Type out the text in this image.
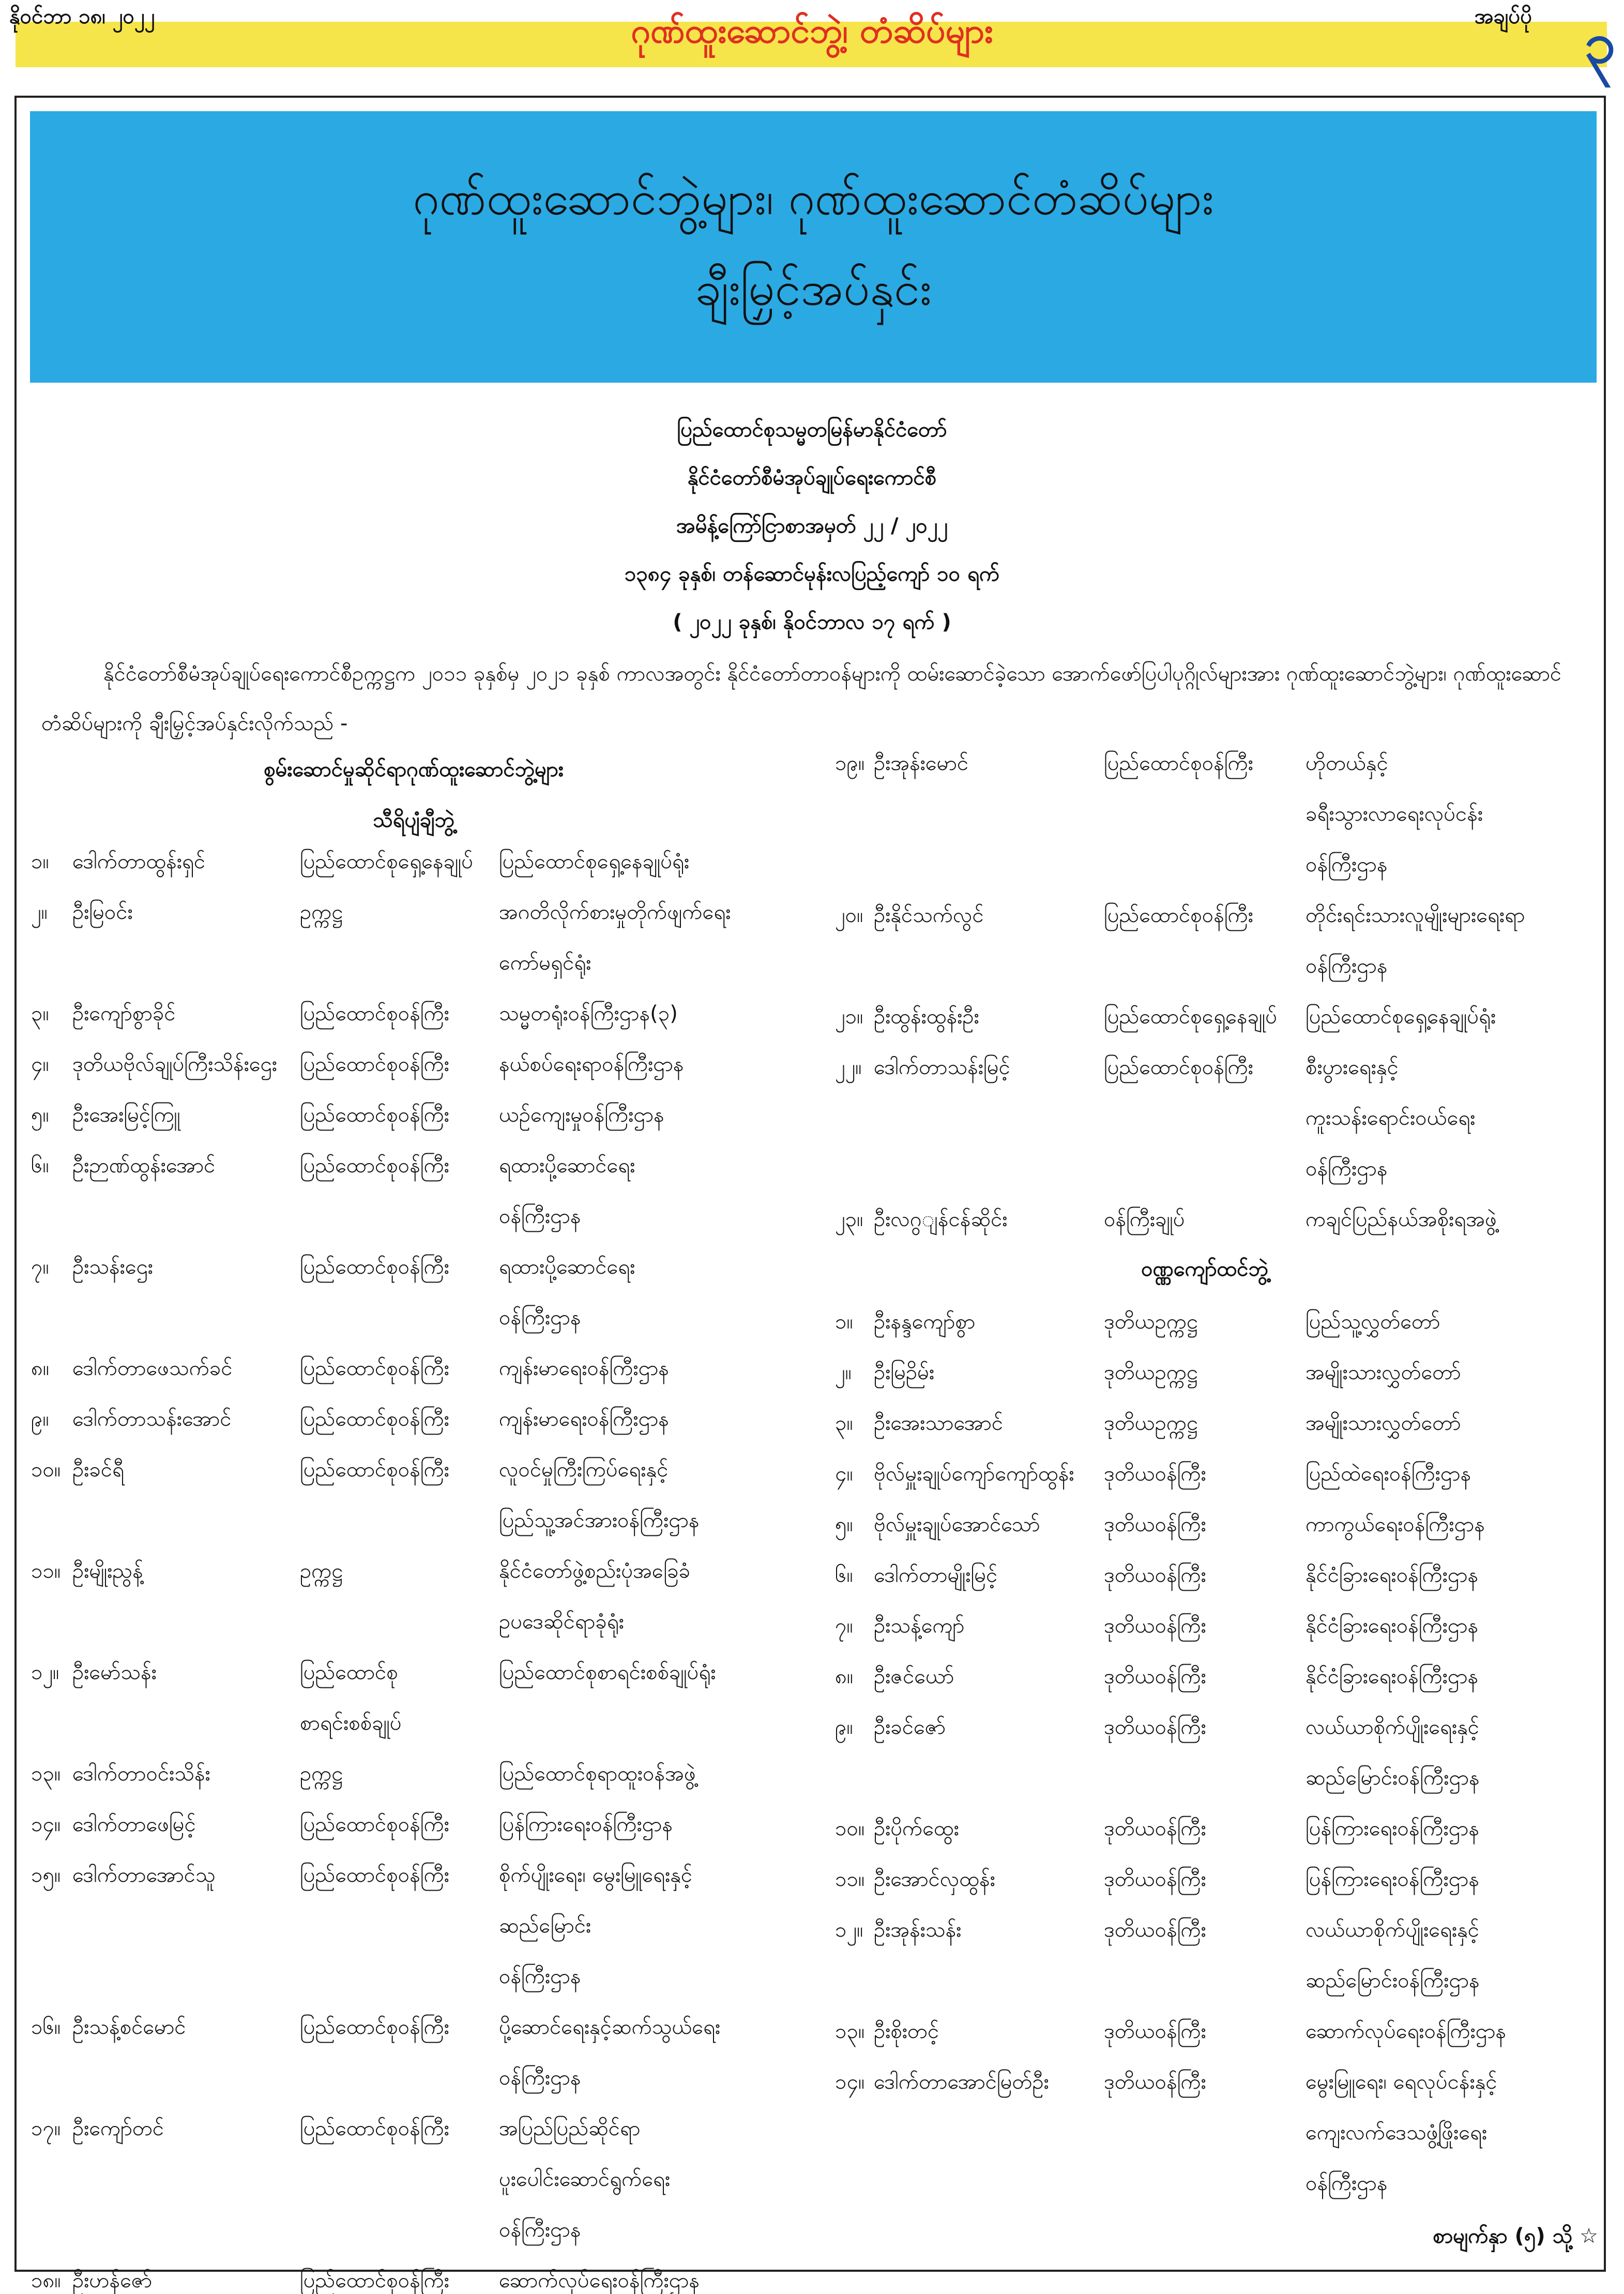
နိုဝင်ဘာ ၁၈၊ ၂၀၂၂	ဂုဏ်ထူးဆောင်ဘွဲ့၊ တံဆိပ်များ	အချပ်ပို ၃
ဂုဏ်ထူးဆောင်ဘွဲ့များ၊ ဂုဏ်ထူးဆောင်တံဆိပ်များ
ချီးမြှင့်အပ်နှင်း
ပြည်ထောင်စုသမ္မတမြန်မာနိုင်ငံတော်
နိုင်ငံတော်စီမံအုပ်ချုပ်ရေးကောင်စီ
အမိန့်ကြော်ငြာစာအမှတ် ၂၂ / ၂၀၂၂
၁၃၈၄ ခုနှစ်၊ တန်ဆောင်မုန်းလပြည့်ကျော် ၁၀ ရက်
( ၂၀၂၂ ခုနှစ်၊ နိုဝင်ဘာလ ၁၇ ရက် )
နိုင်ငံတော်စီမံအုပ်ချုပ်ရေးကောင်စီဥက္ကဋ္ဌက ၂၀၁၁ ခုနှစ်မှ ၂၀၂၁ ခုနှစ် ကာလအတွင်း နိုင်ငံတော်တာဝန်များကို ထမ်းဆောင်ခဲ့သော အောက်ဖော်ပြပါပုဂ္ဂိုလ်များအား ဂုဏ်ထူးဆောင်ဘွဲ့များ၊ ဂုဏ်ထူးဆောင်တံဆိပ်များကို ချီးမြှင့်အပ်နှင်းလိုက်သည် -
စွမ်းဆောင်မှုဆိုင်ရာဂုဏ်ထူးဆောင်ဘွဲ့များ
သီရိပျံချီဘွဲ့
၁။ ဒေါက်တာထွန်းရှင်	ပြည်ထောင်စုရှေ့နေချုပ် ပြည်ထောင်စုရှေ့နေချုပ်ရုံး
၂။ ဦးမြဝင်း	ဥက္ကဋ္ဌ	အဂတိလိုက်စားမှုတိုက်ဖျက်ရေး
ကော်မရှင်ရုံး
၃။ ဦးကျော်စွာခိုင်	ပြည်ထောင်စုဝန်ကြီး သမ္မတရုံးဝန်ကြီးဌာန(၃)
၄။ ဒုတိယဗိုလ်ချုပ်ကြီးသိန်းဌေး ပြည်ထောင်စုဝန်ကြီး နယ်စပ်ရေးရာဝန်ကြီးဌာန
၅။ ဦးအေးမြင့်ကြူ	ပြည်ထောင်စုဝန်ကြီး ယဉ်ကျေးမှုဝန်ကြီးဌာန
၆။ ဦးဉာဏ်ထွန်းအောင်	ပြည်ထောင်စုဝန်ကြီး ရထားပို့ဆောင်ရေး
ဝန်ကြီးဌာန
၇။ ဦးသန်းဌေး	ပြည်ထောင်စုဝန်ကြီး ရထားပို့ဆောင်ရေး
ဝန်ကြီးဌာန
၈။ ဒေါက်တာဖေသက်ခင်	ပြည်ထောင်စုဝန်ကြီး ကျန်းမာရေးဝန်ကြီးဌာန
၉။ ဒေါက်တာသန်းအောင်	ပြည်ထောင်စုဝန်ကြီး ကျန်းမာရေးဝန်ကြီးဌာန
၁၀။ ဦးခင်ရီ	ပြည်ထောင်စုဝန်ကြီး လူဝင်မှုကြီးကြပ်ရေးနှင့်
ပြည်သူ့အင်အားဝန်ကြီးဌာန
၁၁။ ဦးမျိုးညွန့်	ဥက္ကဋ္ဌ	နိုင်ငံတော်ဖွဲ့စည်းပုံအခြေခံ
ဥပဒေဆိုင်ရာခုံရုံး
၁၂။ ဦးမော်သန်း	ပြည်ထောင်စု
စာရင်းစစ်ချုပ်
ပြည်ထောင်စုစာရင်းစစ်ချုပ်ရုံး
၁၃။ ဒေါက်တာဝင်းသိန်း	ဥက္ကဋ္ဌ	ပြည်ထောင်စုရာထူးဝန်အဖွဲ့
၁၄။ ဒေါက်တာဖေမြင့်	ပြည်ထောင်စုဝန်ကြီး ပြန်ကြားရေးဝန်ကြီးဌာန
၁၅။ ဒေါက်တာအောင်သူ	ပြည်ထောင်စုဝန်ကြီး စိုက်ပျိုးရေး၊ မွေးမြူရေးနှင့်
ဆည်မြောင်း
ဝန်ကြီးဌာန
၁၆။ ဦးသန့်စင်မောင်	ပြည်ထောင်စုဝန်ကြီး ပို့ဆောင်ရေးနှင့်ဆက်သွယ်ရေး
ဝန်ကြီးဌာန
၁၇။ ဦးကျော်တင်	ပြည်ထောင်စုဝန်ကြီး အပြည်ပြည်ဆိုင်ရာ
ပူးပေါင်းဆောင်ရွက်ရေး
ဝန်ကြီးဌာန
၁၈။ ဦးဟန်ဇော်	ပြည်ထောင်စုဝန်ကြီး ဆောက်လုပ်ရေးဝန်ကြီးဌာန
၁၉။ ဦးအုန်းမောင်	ပြည်ထောင်စုဝန်ကြီး	ဟိုတယ်နှင့်
ခရီးသွားလာရေးလုပ်ငန်း
ဝန်ကြီးဌာန
၂၀။ ဦးနိုင်သက်လွင်	ပြည်ထောင်စုဝန်ကြီး	တိုင်းရင်းသားလူမျိုးများရေးရာ
ဝန်ကြီးဌာန
၂၁။ ဦးထွန်းထွန်းဦး	ပြည်ထောင်စုရှေ့နေချုပ် ပြည်ထောင်စုရှေ့နေချုပ်ရုံး
၂၂။ ဒေါက်တာသန်းမြင့်	ပြည်ထောင်စုဝန်ကြီး	စီးပွားရေးနှင့်
ကူးသန်းရောင်းဝယ်ရေး
ဝန်ကြီးဌာန
၂၃။ ဦးလဂွျန်ငန်ဆိုင်း	ဝန်ကြီးချုပ်	ကချင်ပြည်နယ်အစိုးရအဖွဲ့
၁။ ဦးနန္ဒကျော်စွာ	ဒုတိယဥက္ကဋ္ဌ	ပြည်သူ့လွှတ်တော်
၂။ ဦးမြဉိမ်း	ဒုတိယဥက္ကဋ္ဌ	အမျိုးသားလွှတ်တော်
၃။ ဦးအေးသာအောင်	ဒုတိယဥက္ကဋ္ဌ	အမျိုးသားလွှတ်တော်
၄။ ဗိုလ်မှူးချုပ်ကျော်ကျော်ထွန်း ဒုတိယဝန်ကြီး	ပြည်ထဲရေးဝန်ကြီးဌာန
၅။ ဗိုလ်မှူးချုပ်အောင်သော်	ဒုတိယဝန်ကြီး	ကာကွယ်ရေးဝန်ကြီးဌာန
၆။ ဒေါက်တာမျိုးမြင့်	ဒုတိယဝန်ကြီး	နိုင်ငံခြားရေးဝန်ကြီးဌာန
၇။ ဦးသန့်ကျော်	ဒုတိယဝန်ကြီး	နိုင်ငံခြားရေးဝန်ကြီးဌာန
၈။ ဦးဇင်ယော်	ဒုတိယဝန်ကြီး	နိုင်ငံခြားရေးဝန်ကြီးဌာန
၉။ ဦးခင်ဇော်	ဒုတိယဝန်ကြီး	လယ်ယာစိုက်ပျိုးရေးနှင့်
ဆည်မြောင်းဝန်ကြီးဌာန
၁၀။ ဦးပိုက်ထွေး	ဒုတိယဝန်ကြီး	ပြန်ကြားရေးဝန်ကြီးဌာန
၁၁။ ဦးအောင်လှထွန်း	ဒုတိယဝန်ကြီး	ပြန်ကြားရေးဝန်ကြီးဌာန
၁၂။ ဦးအုန်းသန်း	ဒုတိယဝန်ကြီး	လယ်ယာစိုက်ပျိုးရေးနှင့်
ဆည်မြောင်းဝန်ကြီးဌာန
၁၃။ ဦးစိုးတင့်	ဒုတိယဝန်ကြီး	ဆောက်လုပ်ရေးဝန်ကြီးဌာန
၁၄။ ဒေါက်တာအောင်မြတ်ဦး	ဒုတိယဝန်ကြီး	မွေးမြူရေး၊ ရေလုပ်ငန်းနှင့်
ကျေးလက်ဒေသဖွံ့ဖြိုးရေး
ဝန်ကြီးဌာန
ဝဏ္ဏကျော်ထင်ဘွဲ့
စာမျက်နှာ (၅) သို့ ☆
